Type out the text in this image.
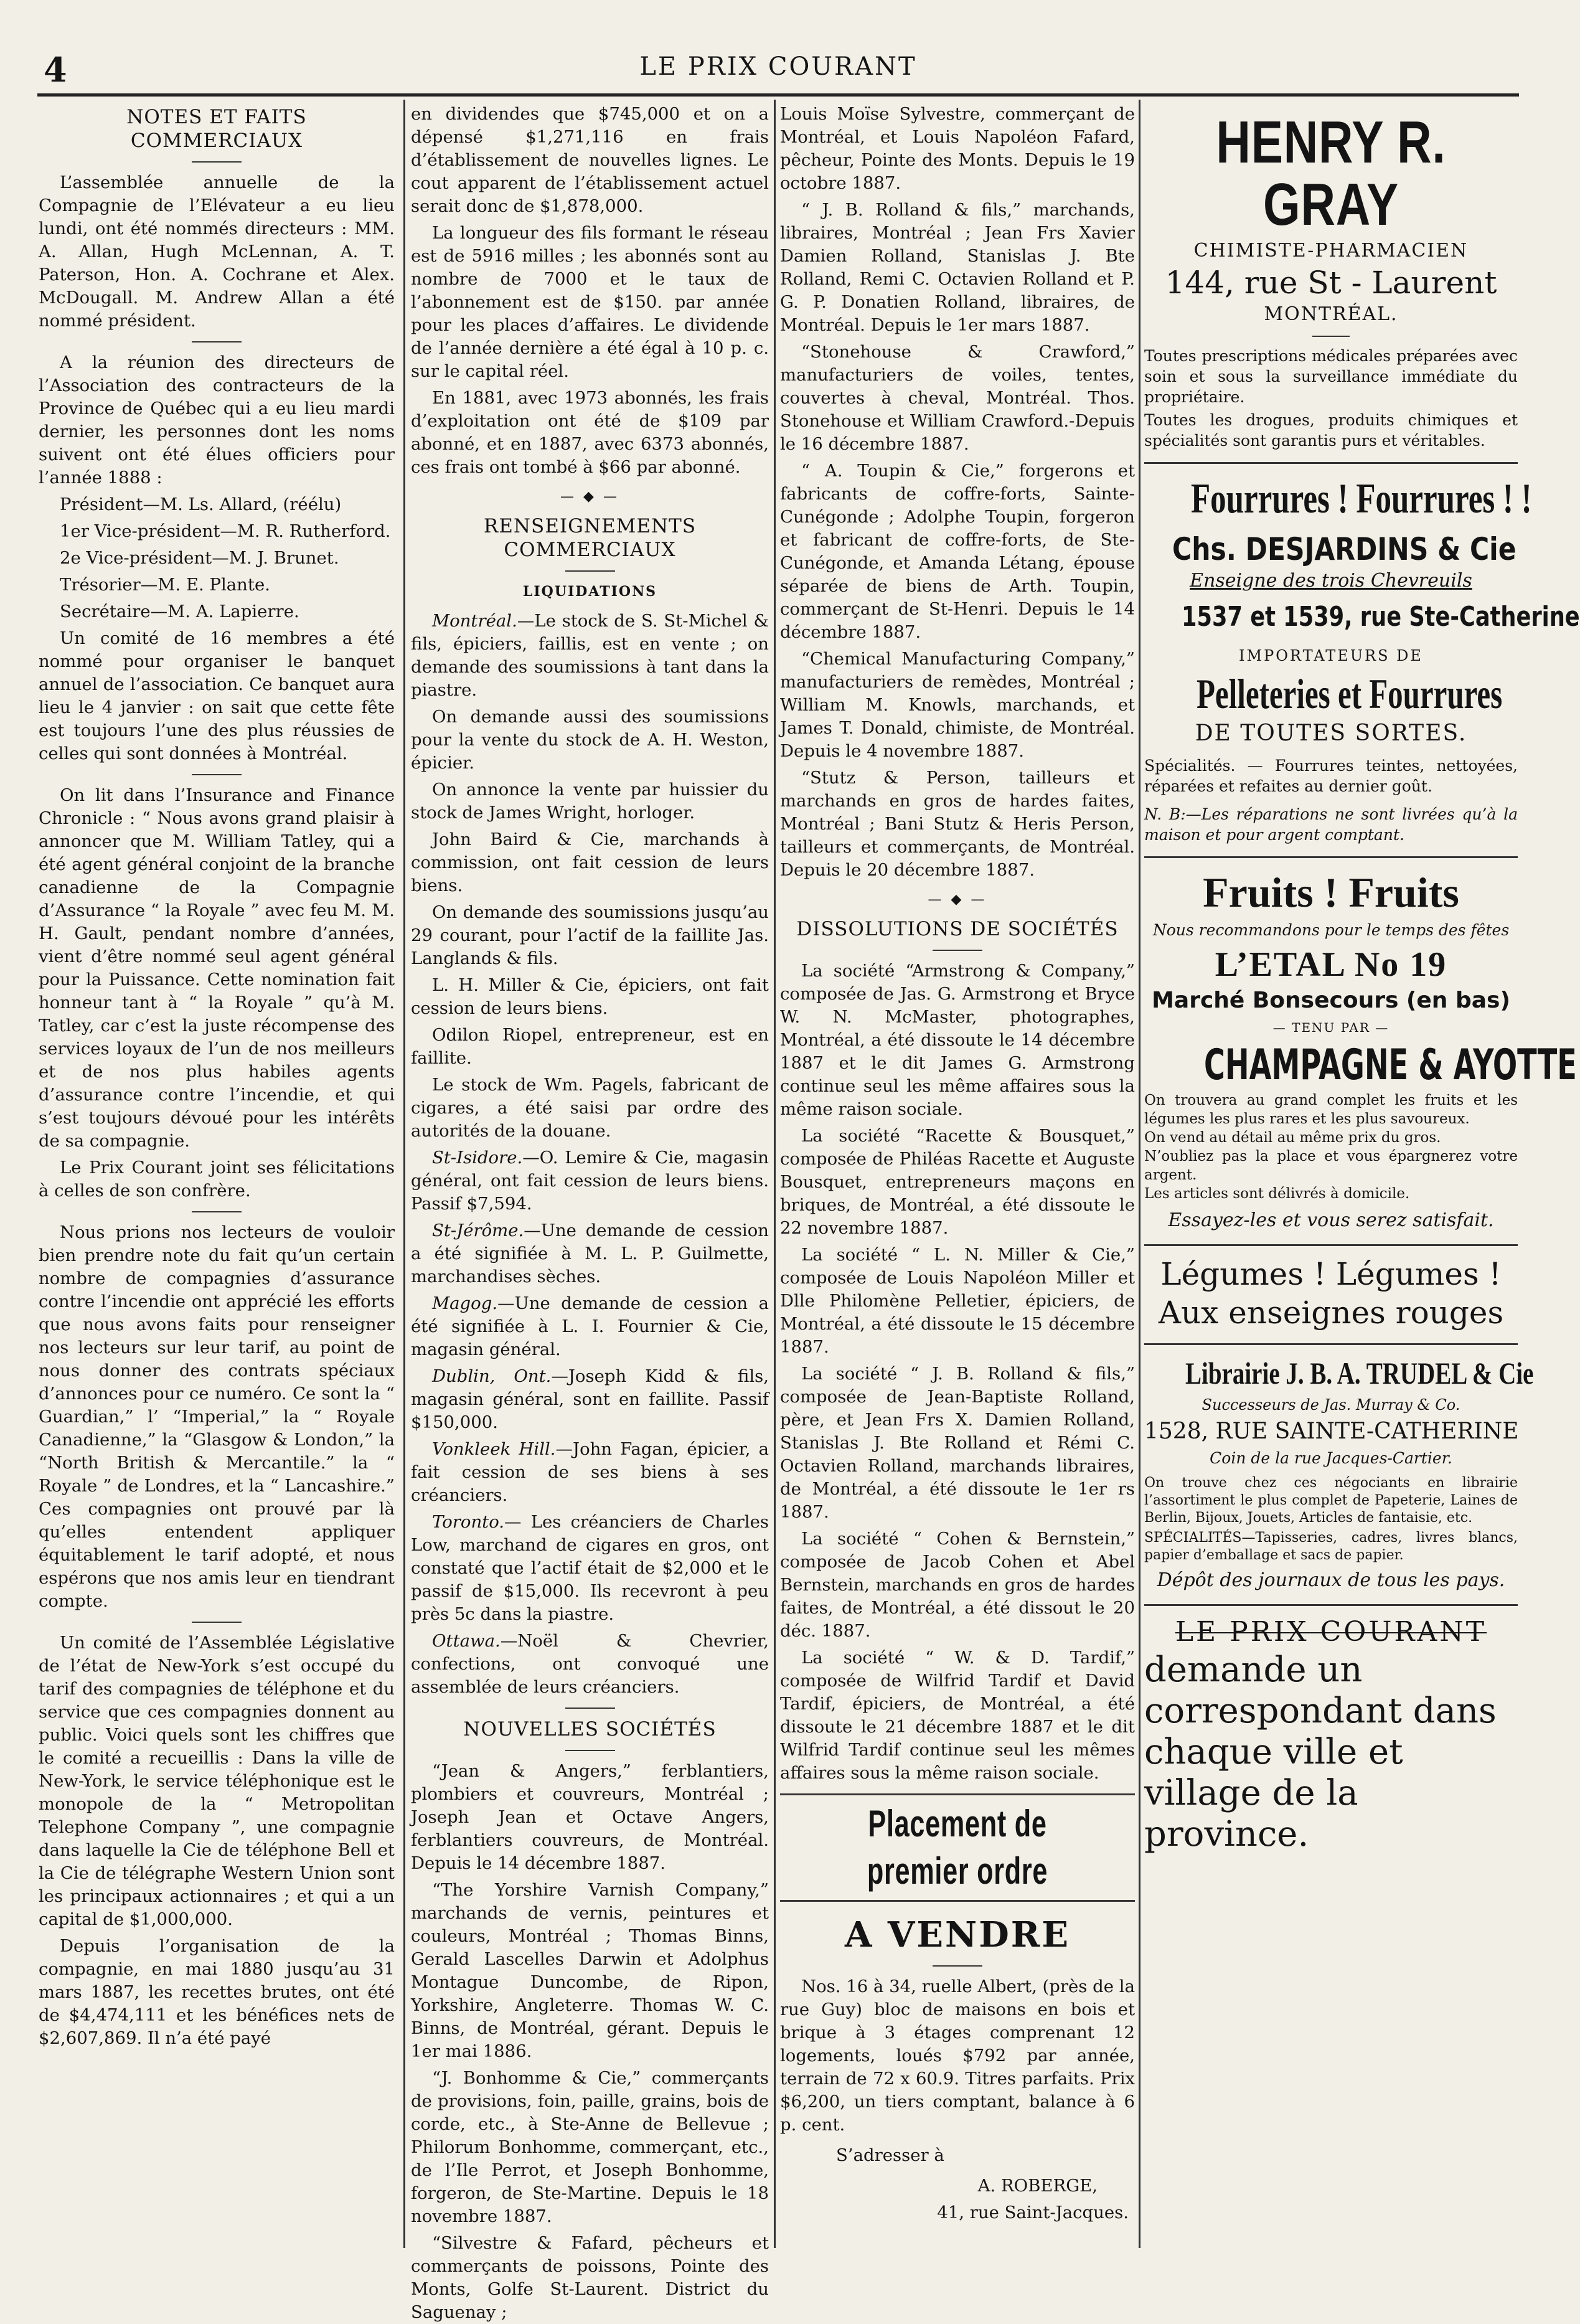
4	LE PRIX COURANT
NOTES ET FAITS COMMERCIAUX

L’assemblée annuelle de la Compagnie de l’Elévateur a eu lieu lundi, ont été nommés directeurs : MM. A. Allan, Hugh McLennan, A. T. Paterson, Hon. A. Cochrane et Alex. McDougall. M. Andrew Allan a été nommé président.

A la réunion des directeurs de l’Association des contracteurs de la Province de Québec qui a eu lieu mardi dernier, les personnes dont les noms suivent ont été élues officiers pour l’année 1888 :

Président—M. Ls. Allard, (réélu)

1er Vice-président—M. R. Rutherford.

2e Vice-président—M. J. Brunet.

Trésorier—M. E. Plante.

Secrétaire—M. A. Lapierre.

Un comité de 16 membres a été nommé pour organiser le banquet annuel de l’association. Ce banquet aura lieu le 4 janvier : on sait que cette fête est toujours l’une des plus réussies de celles qui sont données à Montréal.

On lit dans l’Insurance and Finance Chronicle : “ Nous avons grand plaisir à annoncer que M. William Tatley, qui a été agent général conjoint de la branche canadienne de la Compagnie d’Assurance “ la Royale ” avec feu M. M. H. Gault, pendant nombre d’années, vient d’être nommé seul agent général pour la Puissance. Cette nomination fait honneur tant à “ la Royale ” qu’à M. Tatley, car c’est la juste récompense des services loyaux de l’un de nos meilleurs et de nos plus habiles agents d’assurance contre l’incendie, et qui s’est toujours dévoué pour les intérêts de sa compagnie.

Le Prix Courant joint ses félicitations à celles de son confrère.

Nous prions nos lecteurs de vouloir bien prendre note du fait qu’un certain nombre de compagnies d’assurance contre l’incendie ont apprécié les efforts que nous avons faits pour renseigner nos lecteurs sur leur tarif, au point de nous donner des contrats spéciaux d’annonces pour ce numéro. Ce sont la “ Guardian,” l’ “Imperial,” la “ Royale Canadienne,” la “Glasgow & London,” la “North British & Mercantile.” la “ Royale ” de Londres, et la “ Lancashire.” Ces compagnies ont prouvé par là qu’elles entendent appliquer équitablement le tarif adopté, et nous espérons que nos amis leur en tiendrant compte.

Un comité de l’Assemblée Législative de l’état de New-York s’est occupé du tarif des compagnies de téléphone et du service que ces compagnies donnent au public. Voici quels sont les chiffres que le comité a recueillis : Dans la ville de New-York, le service téléphonique est le monopole de la “ Metropolitan Telephone Company ”, une compagnie dans laquelle la Cie de téléphone Bell et la Cie de télégraphe Western Union sont les principaux actionnaires ; et qui a un capital de $1,000,000.

Depuis l’organisation de la compagnie, en mai 1880 jusqu’au 31 mars 1887, les recettes brutes, ont été de $4,474,111 et les bénéfices nets de $2,607,869. Il n’a été payé

en dividendes que $745,000 et on a dépensé $1,271,116 en frais d’établissement de nouvelles lignes. Le cout apparent de l’établissement actuel serait donc de $1,878,000.

La longueur des fils formant le réseau est de 5916 milles ; les abonnés sont au nombre de 7000 et le taux de l’abonnement est de $150. par année pour les places d’affaires. Le dividende de l’année dernière a été égal à 10 p. c. sur le capital réel.

En 1881, avec 1973 abonnés, les frais d’exploitation ont été de $109 par abonné, et en 1887, avec 6373 abonnés, ces frais ont tombé à $66 par abonné.

— ◆ —
RENSEIGNEMENTS COMMERCIAUX
LIQUIDATIONS

Montréal.—Le stock de S. St-Michel & fils, épiciers, faillis, est en vente ; on demande des soumissions à tant dans la piastre.

On demande aussi des soumissions pour la vente du stock de A. H. Weston, épicier.

On annonce la vente par huissier du stock de James Wright, horloger.

John Baird & Cie, marchands à commission, ont fait cession de leurs biens.

On demande des soumissions jusqu’au 29 courant, pour l’actif de la faillite Jas. Langlands & fils.

L. H. Miller & Cie, épiciers, ont fait cession de leurs biens.

Odilon Riopel, entrepreneur, est en faillite.

Le stock de Wm. Pagels, fabricant de cigares, a été saisi par ordre des autorités de la douane.

St-Isidore.—O. Lemire & Cie, magasin général, ont fait cession de leurs biens. Passif $7,594.

St-Jérôme.—Une demande de cession a été signifiée à M. L. P. Guilmette, marchandises sèches.

Magog.—Une demande de cession a été signifiée à L. I. Fournier & Cie, magasin général.

Dublin, Ont.—Joseph Kidd & fils, magasin général, sont en faillite. Passif $150,000.

Vonkleek Hill.—John Fagan, épicier, a fait cession de ses biens à ses créanciers.

Toronto.— Les créanciers de Charles Low, marchand de cigares en gros, ont constaté que l’actif était de $2,000 et le passif de $15,000. Ils recevront à peu près 5c dans la piastre.

Ottawa.—Noël & Chevrier, confections, ont convoqué une assemblée de leurs créanciers.

NOUVELLES SOCIÉTÉS

“Jean & Angers,” ferblantiers, plombiers et couvreurs, Montréal ; Joseph Jean et Octave Angers, ferblantiers couvreurs, de Montréal. Depuis le 14 décembre 1887.

“The Yorshire Varnish Company,” marchands de vernis, peintures et couleurs, Montréal ; Thomas Binns, Gerald Lascelles Darwin et Adolphus Montague Duncombe, de Ripon, Yorkshire, Angleterre. Thomas W. C. Binns, de Montréal, gérant. Depuis le 1er mai 1886.

“J. Bonhomme & Cie,” commerçants de provisions, foin, paille, grains, bois de corde, etc., à Ste-Anne de Bellevue ; Philorum Bonhomme, commerçant, etc., de l’Ile Perrot, et Joseph Bonhomme, forgeron, de Ste-Martine. Depuis le 18 novembre 1887.

“Silvestre & Fafard, pêcheurs et commerçants de poissons, Pointe des Monts, Golfe St-Laurent. District du Saguenay ;

Louis Moïse Sylvestre, commerçant de Montréal, et Louis Napoléon Fafard, pêcheur, Pointe des Monts. Depuis le 19 octobre 1887.

“ J. B. Rolland & fils,” marchands, libraires, Montréal ; Jean Frs Xavier Damien Rolland, Stanislas J. Bte Rolland, Remi C. Octavien Rolland et P. G. P. Donatien Rolland, libraires, de Montréal. Depuis le 1er mars 1887.

“Stonehouse & Crawford,” manufacturiers de voiles, tentes, couvertes à cheval, Montréal. Thos. Stonehouse et William Crawford.-Depuis le 16 décembre 1887.

“ A. Toupin & Cie,” forgerons et fabricants de coffre-forts, Sainte-Cunégonde ; Adolphe Toupin, forgeron et fabricant de coffre-forts, de Ste-Cunégonde, et Amanda Létang, épouse séparée de biens de Arth. Toupin, commerçant de St-Henri. Depuis le 14 décembre 1887.

“Chemical Manufacturing Company,” manufacturiers de remèdes, Montréal ; William M. Knowls, marchands, et James T. Donald, chimiste, de Montréal. Depuis le 4 novembre 1887.

“Stutz & Person, tailleurs et marchands en gros de hardes faites, Montréal ; Bani Stutz & Heris Person, tailleurs et commerçants, de Montréal. Depuis le 20 décembre 1887.

— ◆ —
DISSOLUTIONS DE SOCIÉTÉS

La société “Armstrong & Company,” composée de Jas. G. Armstrong et Bryce W. N. McMaster, photographes, Montréal, a été dissoute le 14 décembre 1887 et le dit James G. Armstrong continue seul les même affaires sous la même raison sociale.

La société “Racette & Bousquet,” composée de Philéas Racette et Auguste Bousquet, entrepreneurs maçons en briques, de Montréal, a été dissoute le 22 novembre 1887.

La société “ L. N. Miller & Cie,” composée de Louis Napoléon Miller et Dlle Philomène Pelletier, épiciers, de Montréal, a été dissoute le 15 décembre 1887.

La société “ J. B. Rolland & fils,” composée de Jean-Baptiste Rolland, père, et Jean Frs X. Damien Rolland, Stanislas J. Bte Rolland et Rémi C. Octavien Rolland, marchands libraires, de Montréal, a été dissoute le 1er rs 1887.

La société “ Cohen & Bernstein,” composée de Jacob Cohen et Abel Bernstein, marchands en gros de hardes faites, de Montréal, a été dissout le 20 déc. 1887.

La société “ W. & D. Tardif,” composée de Wilfrid Tardif et David Tardif, épiciers, de Montréal, a été dissoute le 21 décembre 1887 et le dit Wilfrid Tardif continue seul les mêmes affaires sous la même raison sociale.

Placement de premier ordre
A VENDRE

Nos. 16 à 34, ruelle Albert, (près de la rue Guy) bloc de maisons en bois et brique à 3 étages comprenant 12 logements, loués $792 par année, terrain de 72 x 60.9. Titres parfaits. Prix $6,200, un tiers comptant, balance à 6 p. cent.

S’adresser à

A. ROBERGE,

41, rue Saint-Jacques.

HENRY R. GRAY

CHIMISTE-PHARMACIEN

144, rue St - Laurent

MONTRÉAL.

Toutes prescriptions médicales préparées avec soin et sous la surveillance immédiate du propriétaire.

Toutes les drogues, produits chimiques et spécialités sont garantis purs et véritables.

Fourrures ! Fourrures ! !

Chs. DESJARDINS & Cie

Enseigne des trois Chevreuils

1537 et 1539, rue Ste-Catherine

IMPORTATEURS DE

Pelleteries et Fourrures

DE TOUTES SORTES.

Spécialités. — Fourrures teintes, nettoyées, réparées et refaites au dernier goût.

N. B:—Les réparations ne sont livrées qu’à la maison et pour argent comptant.

Fruits ! Fruits

Nous recommandons pour le temps des fêtes

L’ETAL No 19

Marché Bonsecours (en bas)

— TENU PAR —

CHAMPAGNE & AYOTTE

On trouvera au grand complet les fruits et les légumes les plus rares et les plus savoureux.

On vend au détail au même prix du gros.

N’oubliez pas la place et vous épargnerez votre argent.

Les articles sont délivrés à domicile.

Essayez-les et vous serez satisfait.

Légumes ! Légumes !

Aux enseignes rouges

Librairie J. B. A. TRUDEL & Cie

Successeurs de Jas. Murray & Co.

1528, RUE SAINTE-CATHERINE

Coin de la rue Jacques-Cartier.

On trouve chez ces négociants en librairie l’assortiment le plus complet de Papeterie, Laines de Berlin, Bijoux, Jouets, Articles de fantaisie, etc.

SPÉCIALITÉS—Tapisseries, cadres, livres blancs, papier d’emballage et sacs de papier.

Dépôt des journaux de tous les pays.

LE PRIX COURANT

demande un correspondant dans chaque ville et village de la province.
